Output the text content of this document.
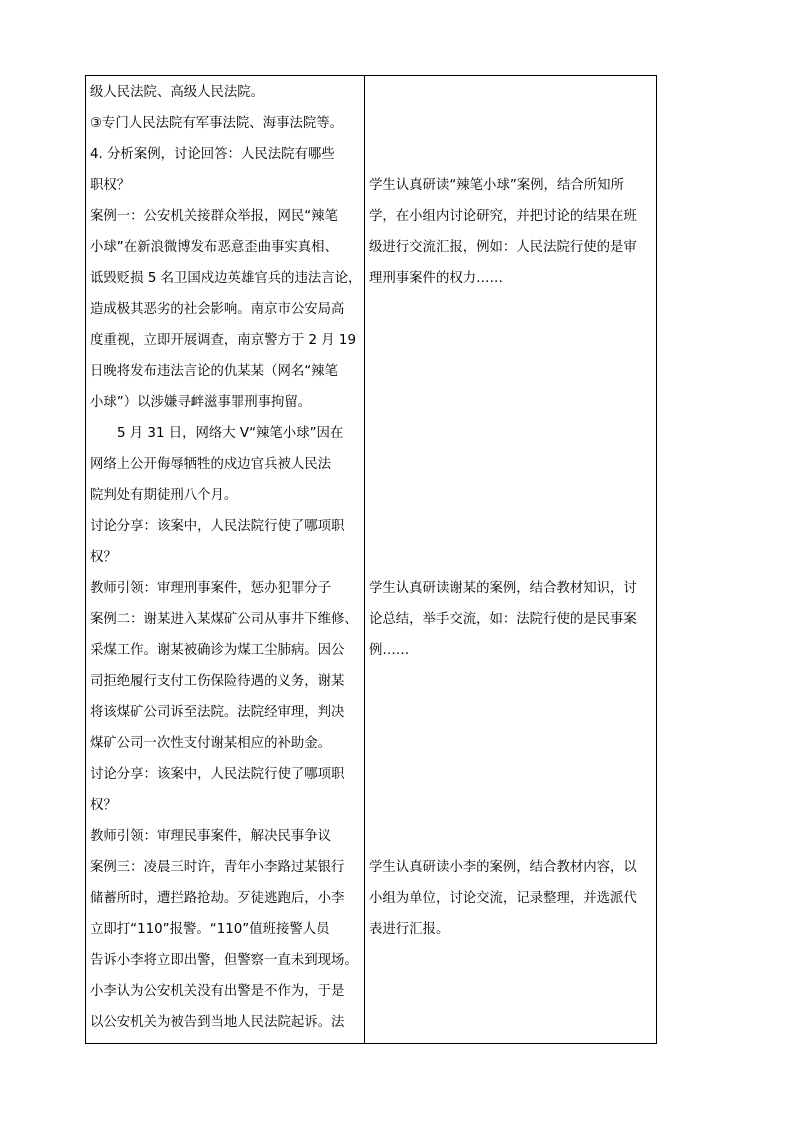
级人民法院、高级人民法院。
③专门人民法院有军事法院、海事法院等。
4. 分析案例，讨论回答：人民法院有哪些
职权？
案例一：公安机关接群众举报，网民“辣笔
小球”在新浪微博发布恶意歪曲事实真相、
诋毁贬损 5 名卫国戍边英雄官兵的违法言论，
造成极其恶劣的社会影响。南京市公安局高
度重视，立即开展调查，南京警方于 2 月 19
日晚将发布违法言论的仇某某（网名“辣笔
小球”）以涉嫌寻衅滋事罪刑事拘留。
5 月 31 日，网络大 V“辣笔小球”因在
网络上公开侮辱牺牲的戍边官兵被人民法
院判处有期徒刑八个月。
讨论分享：该案中，人民法院行使了哪项职
权？
教师引领：审理刑事案件，惩办犯罪分子
案例二：谢某进入某煤矿公司从事井下维修、
采煤工作。谢某被确诊为煤工尘肺病。因公
司拒绝履行支付工伤保险待遇的义务，谢某
将该煤矿公司诉至法院。法院经审理，判决
煤矿公司一次性支付谢某相应的补助金。
讨论分享：该案中，人民法院行使了哪项职
权？
教师引领：审理民事案件，解决民事争议
案例三：凌晨三时许，青年小李路过某银行
储蓄所时，遭拦路抢劫。歹徒逃跑后，小李
立即打“110”报警。“110”值班接警人员
告诉小李将立即出警，但警察一直未到现场。
小李认为公安机关没有出警是不作为，于是
以公安机关为被告到当地人民法院起诉。法

学生认真研读“辣笔小球”案例，结合所知所
学，在小组内讨论研究，并把讨论的结果在班
级进行交流汇报，例如：人民法院行使的是审
理刑事案件的权力……
学生认真研读谢某的案例，结合教材知识，讨
论总结，举手交流，如：法院行使的是民事案
例……
学生认真研读小李的案例，结合教材内容，以
小组为单位，讨论交流，记录整理，并选派代
表进行汇报。
